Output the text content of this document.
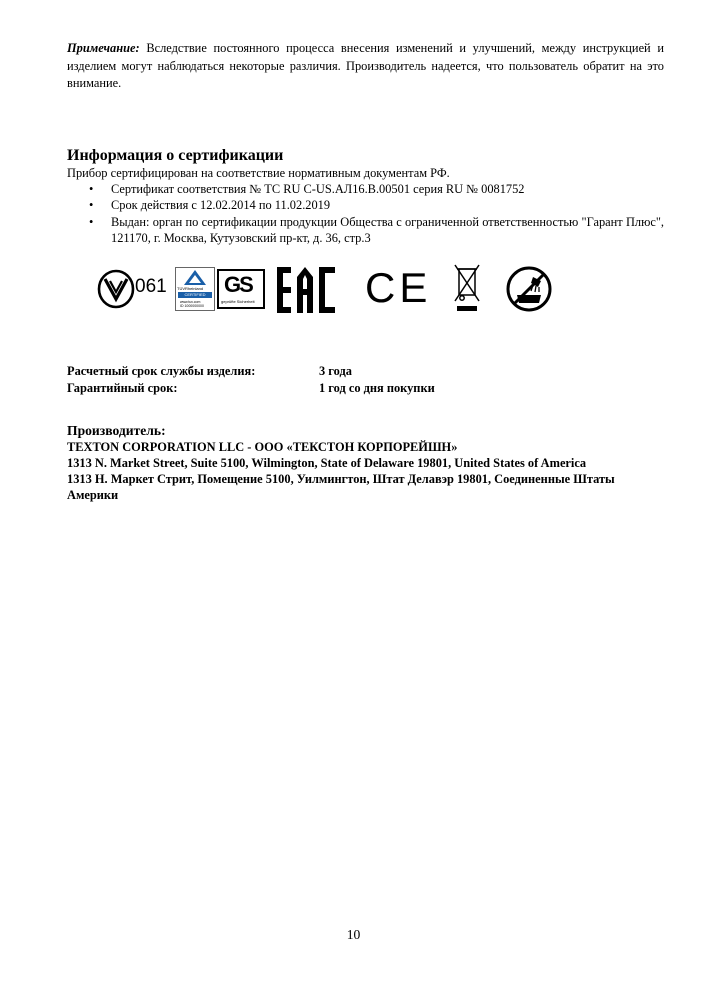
Примечание: Вследствие постоянного процесса внесения изменений и улучшений, между инструкцией и изделием могут наблюдаться некоторые различия. Производитель надеется, что пользователь обратит на это внимание.

Информация о сертификации

Прибор сертифицирован на соответствие нормативным документам РФ.

• Сертификат соответствия № ТС RU С-US.АЛ16.В.00501 серия RU № 0081752
• Срок действия с 12.02.2014 по 11.02.2019
• Выдан: орган по сертификации продукции Общества с ограниченной ответственностью "Гарант Плюс", 121170, г. Москва, Кутузовский пр-кт, д. 36, стр.3
061	TÜVRheinland
CERTIFIED
www.tuv.com
ID 1000000000
GS
geprüfte Sicherheit	CE
Расчетный срок службы изделия:	3 года
Гарантийный срок:	1 год со дня покупки
Производитель:
TEXTON CORPORATION LLC - ООО «ТЕКСТОН КОРПОРЕЙШН»
1313 N. Market Street, Suite 5100, Wilmington, State of Delaware 19801, United States of America
1313 Н. Маркет Стрит, Помещение 5100, Уилмингтон, Штат Делавэр 19801, Соединенные Штаты Америки
10
